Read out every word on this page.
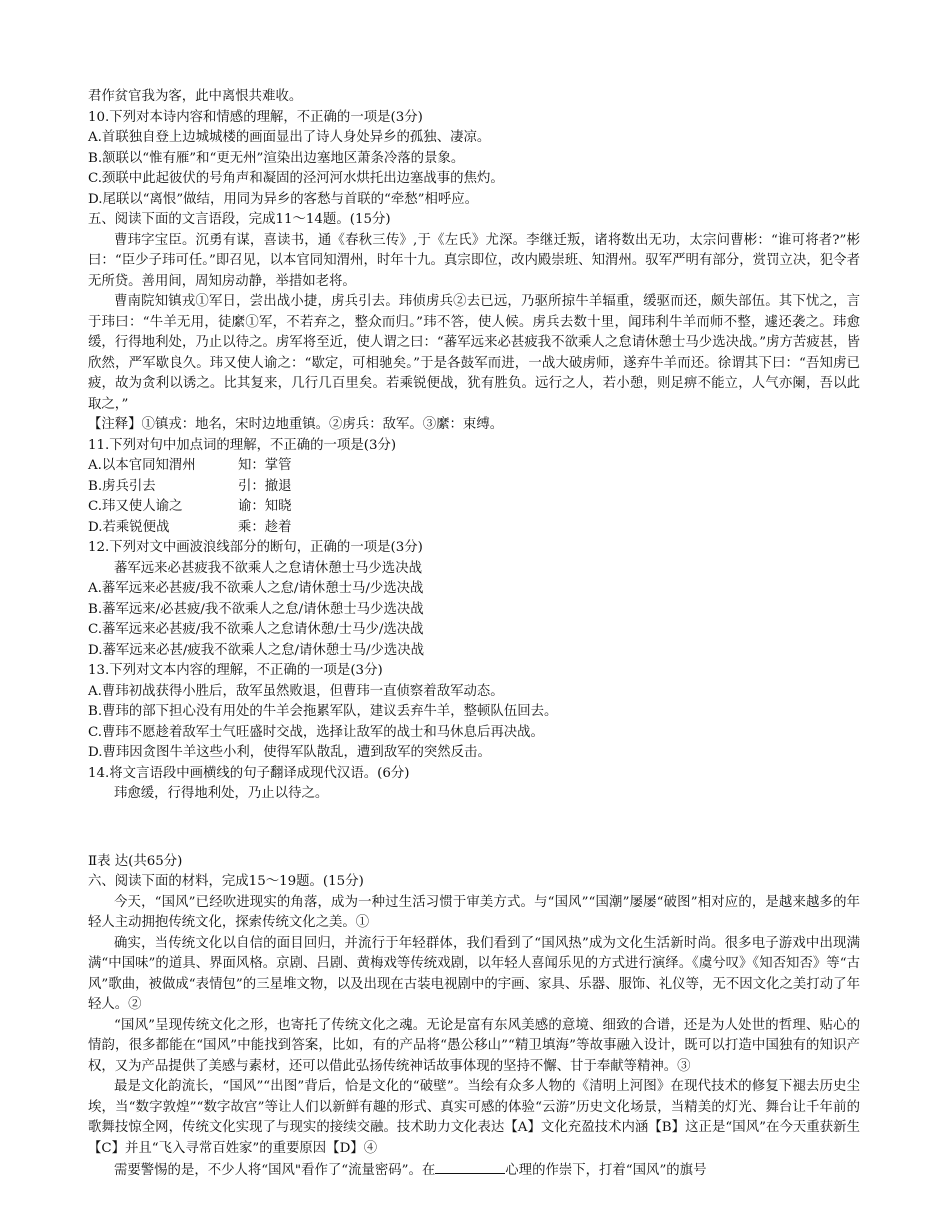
君作贫官我为客，此中离恨共难收。
10.下列对本诗内容和情感的理解，不正确的一项是(3分)
A.首联独自登上边城城楼的画面显出了诗人身处异乡的孤独、凄凉。
B.颔联以“惟有雁”和“更无州”渲染出边塞地区萧条冷落的景象。
C.颈联中此起彼伏的号角声和凝固的泾河河水烘托出边塞战事的焦灼。
D.尾联以“离恨”做结，用同为异乡的客愁与首联的“牵愁”相呼应。
五、阅读下面的文言语段，完成11～14题。(15分)
曹玮字宝臣。沉勇有谋，喜读书，通《春秋三传》,于《左氏》尤深。李继迁叛，诸将数出无功，太宗问曹彬：“谁可将者?”彬曰：“臣少子玮可任。”即召见，以本官同知渭州，时年十九。真宗即位，改内殿崇班、知渭州。驭军严明有部分，赏罚立决，犯令者无所贷。善用间，周知房动静，举措如老将。
曹南院知镇戎①军日，尝出战小捷，虏兵引去。玮侦虏兵②去已远，乃驱所掠牛羊辐重，缓驱而还，颇失部伍。其下忧之，言于玮曰：“牛羊无用，徒縻①军，不若弃之，整众而归。”玮不答，使人候。虏兵去数十里，闻玮利牛羊而师不整，遽还袭之。玮愈缓，行得地利处，乃止以待之。虏军将至近，使人谓之曰：“蕃军远来必甚疲我不欲乘人之怠请休憩士马少选决战。”虏方苦疲甚，皆欣然，严军歇良久。玮又使人谕之：“歇定，可相驰矣。”于是各鼓军而进，一战大破虏师，遂弃牛羊而还。徐谓其下曰：“吾知虏已疲，故为贪利以诱之。比其复来，几行几百里矣。若乘锐便战，犹有胜负。远行之人，若小憩，则足痹不能立，人气亦阑，吾以此取之，”
【注释】①镇戎：地名，宋时边地重镇。②虏兵：敌军。③縻：束缚。
11.下列对句中加点词的理解，不正确的一项是(3分)
A.以本官同知渭州	知：掌管
B.虏兵引去	引：撤退
C.玮又使人谕之	谕：知晓
D.若乘锐便战	乘：趁着
12.下列对文中画波浪线部分的断句，正确的一项是(3分)
蕃军远来必甚疲我不欲乘人之怠请休憩士马少选决战
A.蕃军远来必甚疲/我不欲乘人之怠/请休憩士马/少选决战
B.蕃军远来/必甚疲/我不欲乘人之怠/请休憩士马少选决战
C.蕃军远来必甚疲/我不欲乘人之怠请休憩/士马少/选决战
D.蕃军远来必甚/疲我不欲乘人之怠/请休憩士马/少选决战
13.下列对文本内容的理解，不正确的一项是(3分)
A.曹玮初战获得小胜后，敌军虽然败退，但曹玮一直侦察着敌军动态。
B.曹玮的部下担心没有用处的牛羊会拖累军队，建议丢弃牛羊，整顿队伍回去。
C.曹玮不愿趁着敌军士气旺盛时交战，选择让敌军的战士和马休息后再决战。
D.曹玮因贪图牛羊这些小利，使得军队散乱，遭到敌军的突然反击。
14.将文言语段中画横线的句子翻译成现代汉语。(6分)
玮愈缓，行得地利处，乃止以待之。
Ⅱ表 达(共65分)
六、阅读下面的材料，完成15～19题。(15分)
今天，“国风”已经吹进现实的角落，成为一种过生活习惯于审美方式。与“国风”“国潮”屡屡“破图”相对应的，是越来越多的年轻人主动拥抱传统文化，探索传统文化之美。①
确实，当传统文化以自信的面目回归，并流行于年轻群体，我们看到了“国风热”成为文化生活新时尚。很多电子游戏中出现满满“中国味”的道具、界面风格。京剧、吕剧、黄梅戏等传统戏剧，以年轻人喜闻乐见的方式进行演绎。《虞兮叹》《知否知否》等“古风”歌曲，被做成“表情包”的三星堆文物，以及出现在古装电视剧中的宇画、家具、乐器、服饰、礼仪等，无不因文化之美打动了年轻人。②
“国风”呈现传统文化之形，也寄托了传统文化之魂。无论是富有东风美感的意境、细致的合谱，还是为人处世的哲理、贴心的情韵，很多都能在“国风”中能找到答案，比如，有的产品将“愚公移山”“精卫填海”等故事融入设计，既可以打造中国独有的知识产权，又为产品提供了美感与素材，还可以借此弘扬传统神话故事体现的坚持不懈、甘于奉献等精神。③
最是文化韵流长，“国风”“出图”背后，恰是文化的“破壁”。当绘有众多人物的《清明上河图》在现代技术的修复下褪去历史尘埃，当“数字敦煌”“数字故宫”等让人们以新鲜有趣的形式、真实可感的体验“云游”历史文化场景，当精美的灯光、舞台让千年前的歌舞技惊全网，传统文化实现了与现实的接续交融。技术助力文化表达【A】文化充盈技术内涵【B】这正是“国风”在今天重获新生【C】并且“飞入寻常百姓家”的重要原因【D】④
需要警惕的是，不少人将“国风"看作了“流量密码”。在	心理的作崇下，打着“国风”的旗号
